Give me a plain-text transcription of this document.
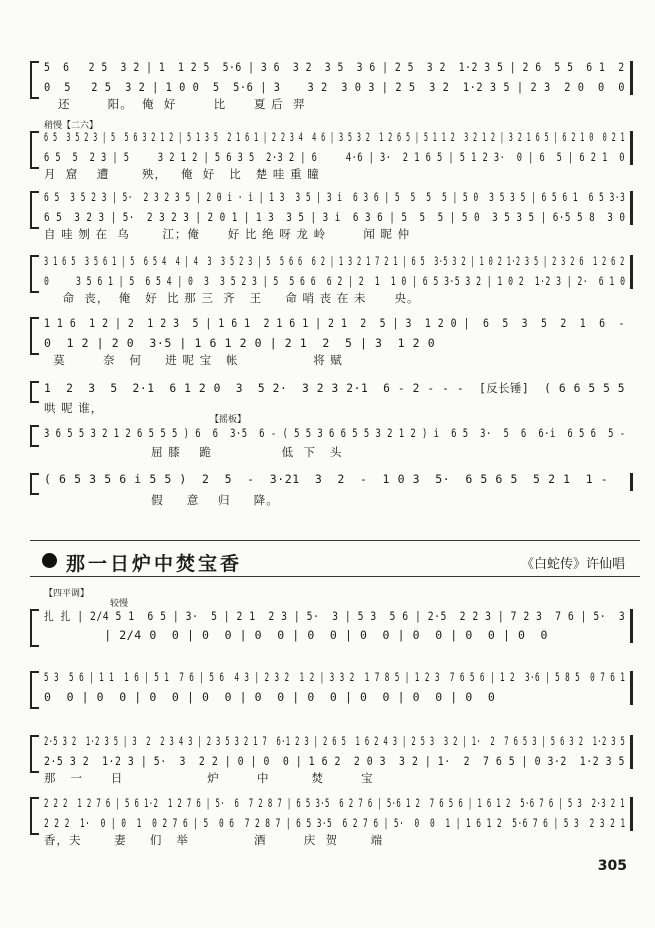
5  6   2 5  3 2 | 1  1 2 5  5·6 | 3 6  3 2  3 5  3 6 | 2 5  3 2  1·2 3 5 | 2 6  5 5  6 1  2
0  5   2 5  3 2 | 1 0 0  5  5·6 | 3    3 2  3 0 3 | 2 5  3 2  1·2 3 5 | 2 3  2 0  0  0
还        阳。  俺  好        比      夏 后  羿
稍慢【二六】
6 5  3 5 2 3 | 5  5 6 3 2 1 2 | 5 1 3 5  2 1 6 1 | 2 2 3 4  4 6 | 3 5 3 2  1 2 6 5 | 5 1 1 2  3 2 1 2 | 3 2 1 6 5 | 6 2 1 0  0 2 1
6 5  5  2 3 | 5     3 2 1 2 | 5 6 3 5  2·3 2 | 6     4·6 | 3·  2 1 6 5 | 5 1 2 3·  0 | 6  5 | 6 2 1  0
月  窟    遭       殃，   俺  好   比   楚 哇 重 瞳
6 5  3 5 2 3 | 5·  2 3 2 3 5 | 2 0 i · i | 1 3  3 5 | 3 i  6 3 6 | 5  5  5  5 | 5 0  3 5 3 5 | 6 5 6 1  6 5 3·3
6 5  3 2 3 | 5·  2 3 2 3 | 2 0 1 | 1 3  3 5 | 3 i  6 3 6 | 5  5  5 | 5 0  3 5 3 5 | 6·5 5 8  3 0
自 哇 刎 在  乌       江；俺      好 比 绝 呀 龙 岭        闻 昵 仲
3 1 6 5  3 5 6 1 | 5  6 5 4  4 | 4  3  3 5 2 3 | 5  5 6 6  6 2 | 1 3 2 1 7 2 1 | 6 5  3·5 3 2 | 1 0 2 1·2 3 5 | 2 3 2 6  1 2 6 2
0     3 5 6 1 | 5  6 5 4 | 0  3  3 5 2 3 | 5  5 6 6  6 2 | 2  1  1 0 | 6 5 3·5 3 2 | 1 0 2  1·2 3 | 2·  6 1 0
命  丧，  俺   好  比 那 三  齐   王     命 哨 丧 在 未      央。
1 1 6  1 2 | 2  1 2 3  5 | 1 6 1  2 1 6 1 | 2 1  2  5 | 3  1 2 0 |  6  5  3  5  2  1  6  -
0  1 2 | 2 0  3·5 | 1 6 1 2 0 | 2 1  2  5 | 3  1 2 0
莫        奈   何     进 呢 宝   帐                将 赋
1  2  3  5  2·1  6 1 2 0  3  5 2·  3 2 3 2·1  6 - 2 - - -  [反长锤]  ( 6 6 5 5 5
哄 呢 谁，
【摇板】
3 6 5 5 3 2 1 2 6 5 5 5 ) 6  6  3·5  6 - ( 5 5 3 6 6 5 5 3 2 1 2 ) i  6 5  3·  5  6  6·i  6 5 6  5 -
屈 膝    跪               低  下   头
( 6 5 3 5 6 i 5 5 )  2  5  -  3·21  3  2  -  1 0 3  5·  6 5 6 5  5 2 1  1 -
假     意    归     降。
那一日炉中焚宝香	《白蛇传》许仙唱
【四平调】
较慢
扎 扎 | 2/4 5 1  6 5 | 3·  5 | 2 1  2 3 | 5·  3 | 5 3  5 6 | 2·5  2 2 3 | 7 2 3  7 6 | 5·  3
| 2/4 0  0 | 0  0 | 0  0 | 0  0 | 0  0 | 0  0 | 0  0 | 0  0
5 3  5 6 | 1 1  1 6 | 5 1  7 6 | 5 6  4 3 | 2 3 2  1 2 | 3 3 2  1 7 8 5 | 1 2 3  7 6 5 6 | 1 2  3·6 | 5 8 5  0 7 6 1
0  0 | 0  0 | 0  0 | 0  0 | 0  0 | 0  0 | 0  0 | 0  0 | 0  0
2·5 3 2  1·2 3 5 | 3  2  2 3 4 3 | 2 3 5 3 2 1 7  6·1 2 3 | 2 6 5  1 6 2 4 3 | 2 5 3  3 2 | 1·  2  7 6 5 3 | 5 6 3 2  1·2 3 5
2·5 3 2  1·2 3 | 5·  3  2 2 | 0 | 0  0 | 1 6 2  2 0 3  3 2 | 1·  2  7 6 5 | 0 3·2  1·2 3 5
那   一      日                  炉        中         焚        宝
2 2 2  1 2 7 6 | 5 6 1·2  1 2 7 6 | 5·  6  7 2 8 7 | 6 5 3·5  6 2 7 6 | 5·6 1 2  7 6 5 6 | 1 6 1 2  5·6 7 6 | 5 3  2·3 2 1
2 2 2  1·  0 | 0  1  0 2 7 6 | 5  0 6  7 2 8 7 | 6 5 3·5  6 2 7 6 | 5·  0  0  1 | 1 6 1 2  5·6 7 6 | 5 3  2 3 2 1
香，夫       妻     们   举              酒        庆  贺       端
305
